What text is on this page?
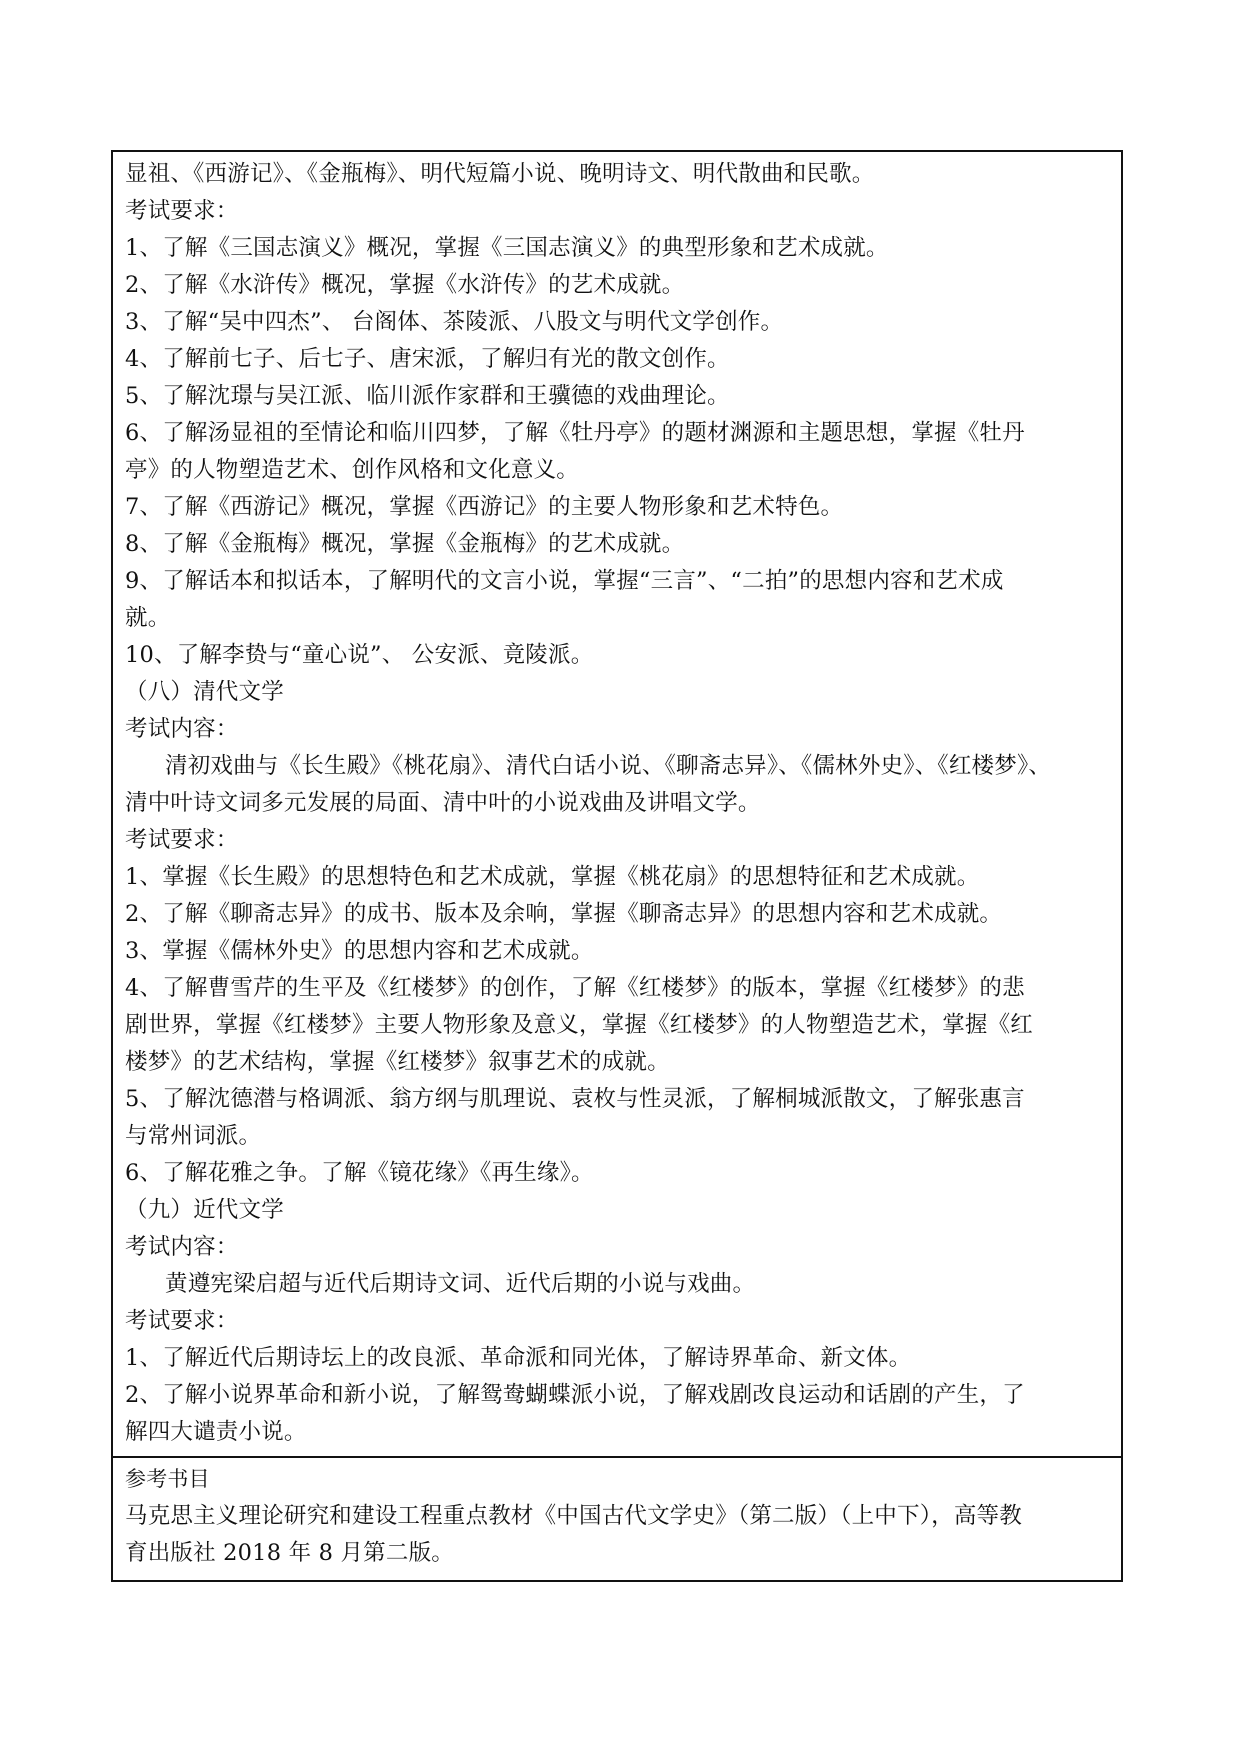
显祖、《西游记》、《金瓶梅》、明代短篇小说、晚明诗文、明代散曲和民歌。
考试要求：
1、了解《三国志演义》概况，掌握《三国志演义》的典型形象和艺术成就。
2、了解《水浒传》概况，掌握《水浒传》的艺术成就。
3、了解“吴中四杰”、 台阁体、茶陵派、八股文与明代文学创作。
4、了解前七子、后七子、唐宋派，了解归有光的散文创作。
5、了解沈璟与吴江派、临川派作家群和王骥德的戏曲理论。
6、了解汤显祖的至情论和临川四梦，了解《牡丹亭》的题材渊源和主题思想，掌握《牡丹
亭》的人物塑造艺术、创作风格和文化意义。
7、了解《西游记》概况，掌握《西游记》的主要人物形象和艺术特色。
8、了解《金瓶梅》概况，掌握《金瓶梅》的艺术成就。
9、了解话本和拟话本，了解明代的文言小说，掌握“三言”、“二拍”的思想内容和艺术成
就。
10、了解李贽与“童心说”、 公安派、竟陵派。
（八）清代文学
考试内容：
清初戏曲与《长生殿》《桃花扇》、清代白话小说、《聊斋志异》、《儒林外史》、《红楼梦》、
清中叶诗文词多元发展的局面、清中叶的小说戏曲及讲唱文学。
考试要求：
1、掌握《长生殿》的思想特色和艺术成就，掌握《桃花扇》的思想特征和艺术成就。
2、了解《聊斋志异》的成书、版本及余响，掌握《聊斋志异》的思想内容和艺术成就。
3、掌握《儒林外史》的思想内容和艺术成就。
4、了解曹雪芹的生平及《红楼梦》的创作，了解《红楼梦》的版本，掌握《红楼梦》的悲
剧世界，掌握《红楼梦》主要人物形象及意义，掌握《红楼梦》的人物塑造艺术，掌握《红
楼梦》的艺术结构，掌握《红楼梦》叙事艺术的成就。
5、了解沈德潜与格调派、翁方纲与肌理说、袁枚与性灵派，了解桐城派散文，了解张惠言
与常州词派。
6、了解花雅之争。了解《镜花缘》《再生缘》。
（九）近代文学
考试内容：
黄遵宪梁启超与近代后期诗文词、近代后期的小说与戏曲。
考试要求：
1、了解近代后期诗坛上的改良派、革命派和同光体，了解诗界革命、新文体。
2、了解小说界革命和新小说，了解鸳鸯蝴蝶派小说，了解戏剧改良运动和话剧的产生，了
解四大谴责小说。
参考书目
马克思主义理论研究和建设工程重点教材《中国古代文学史》（第二版）（上中下），高等教
育出版社 2018 年 8 月第二版。
